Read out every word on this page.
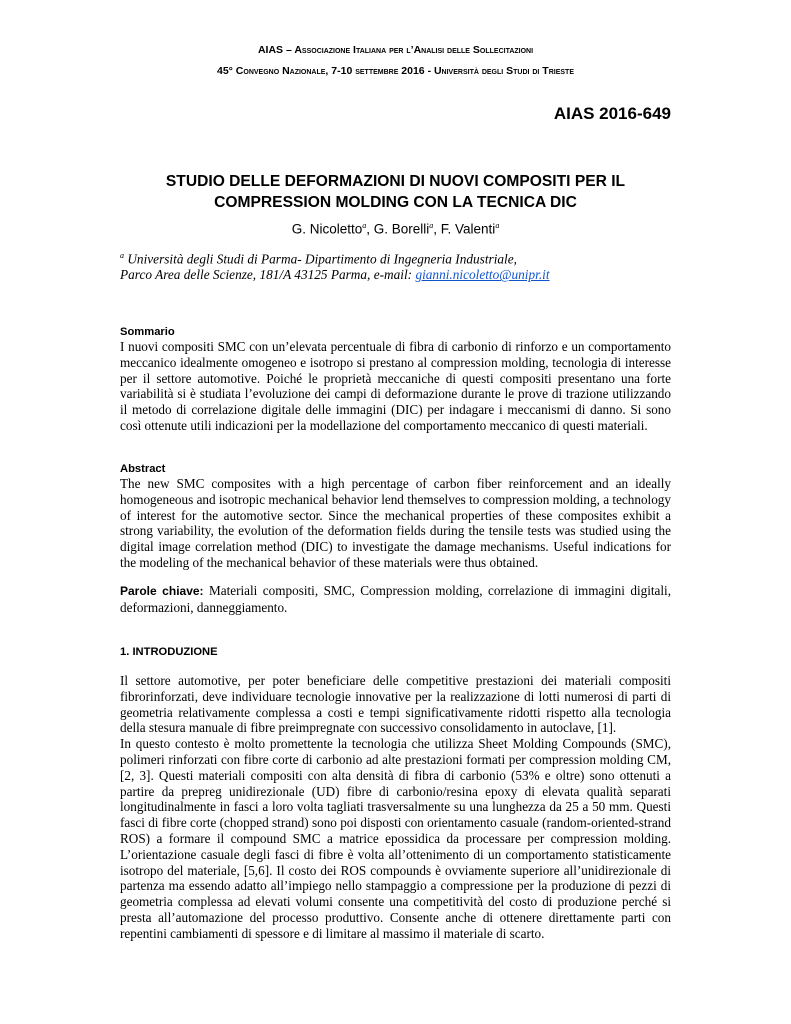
AIAS – Associazione Italiana per l’Analisi delle Sollecitazioni
45° Convegno Nazionale, 7-10 settembre 2016 - Università degli Studi di Trieste
AIAS 2016-649
STUDIO DELLE DEFORMAZIONI DI NUOVI COMPOSITI PER IL
COMPRESSION MOLDING CON LA TECNICA DIC
G. Nicoletto$^a$, G. Borelli$^a$, F. Valenti$^a$
$^a$ Università degli Studi di Parma- Dipartimento di Ingegneria Industriale,
Parco Area delle Scienze, 181/A 43125 Parma, e-mail: gianni.nicoletto@unipr.it
Sommario
I nuovi compositi SMC con un’elevata percentuale di fibra di carbonio di rinforzo e un comportamento meccanico idealmente omogeneo e isotropo si prestano al compression molding, tecnologia di interesse per il settore automotive. Poiché le proprietà meccaniche di questi compositi presentano una forte variabilità si è studiata l’evoluzione dei campi di deformazione durante le prove di trazione utilizzando il metodo di correlazione digitale delle immagini (DIC) per indagare i meccanismi di danno. Si sono così ottenute utili indicazioni per la modellazione del comportamento meccanico di questi materiali.
Abstract
The new SMC composites with a high percentage of carbon fiber reinforcement and an ideally homogeneous and isotropic mechanical behavior lend themselves to compression molding, a technology of interest for the automotive sector. Since the mechanical properties of these composites exhibit a strong variability, the evolution of the deformation fields during the tensile tests was studied using the digital image correlation method (DIC) to investigate the damage mechanisms. Useful indications for the modeling of the mechanical behavior of these materials were thus obtained.
Parole chiave: Materiali compositi, SMC, Compression molding, correlazione di immagini digitali, deformazioni, danneggiamento.
1. INTRODUZIONE
Il settore automotive, per poter beneficiare delle competitive prestazioni dei materiali compositi fibrorinforzati, deve individuare tecnologie innovative per la realizzazione di lotti numerosi di parti di geometria relativamente complessa a costi e tempi significativamente ridotti rispetto alla tecnologia della stesura manuale di fibre preimpregnate con successivo consolidamento in autoclave, [1].
In questo contesto è molto promettente la tecnologia che utilizza Sheet Molding Compounds (SMC), polimeri rinforzati con fibre corte di carbonio ad alte prestazioni formati per compression molding CM, [2, 3]. Questi materiali compositi con alta densità di fibra di carbonio (53% e oltre) sono ottenuti a partire da prepreg unidirezionale (UD) fibre di carbonio/resina epoxy di elevata qualità separati longitudinalmente in fasci a loro volta tagliati trasversalmente su una lunghezza da 25 a 50 mm. Questi fasci di fibre corte (chopped strand) sono poi disposti con orientamento casuale (random-oriented-strand ROS) a formare il compound SMC a matrice epossidica da processare per compression molding. L’orientazione casuale degli fasci di fibre è volta all’ottenimento di un comportamento statisticamente isotropo del materiale, [5,6]. Il costo dei ROS compounds è ovviamente superiore all’unidirezionale di partenza ma essendo adatto all’impiego nello stampaggio a compressione per la produzione di pezzi di geometria complessa ad elevati volumi consente una competitività del costo di produzione perché si presta all’automazione del processo produttivo. Consente anche di ottenere direttamente parti con repentini cambiamenti di spessore e di limitare al massimo il materiale di scarto.
